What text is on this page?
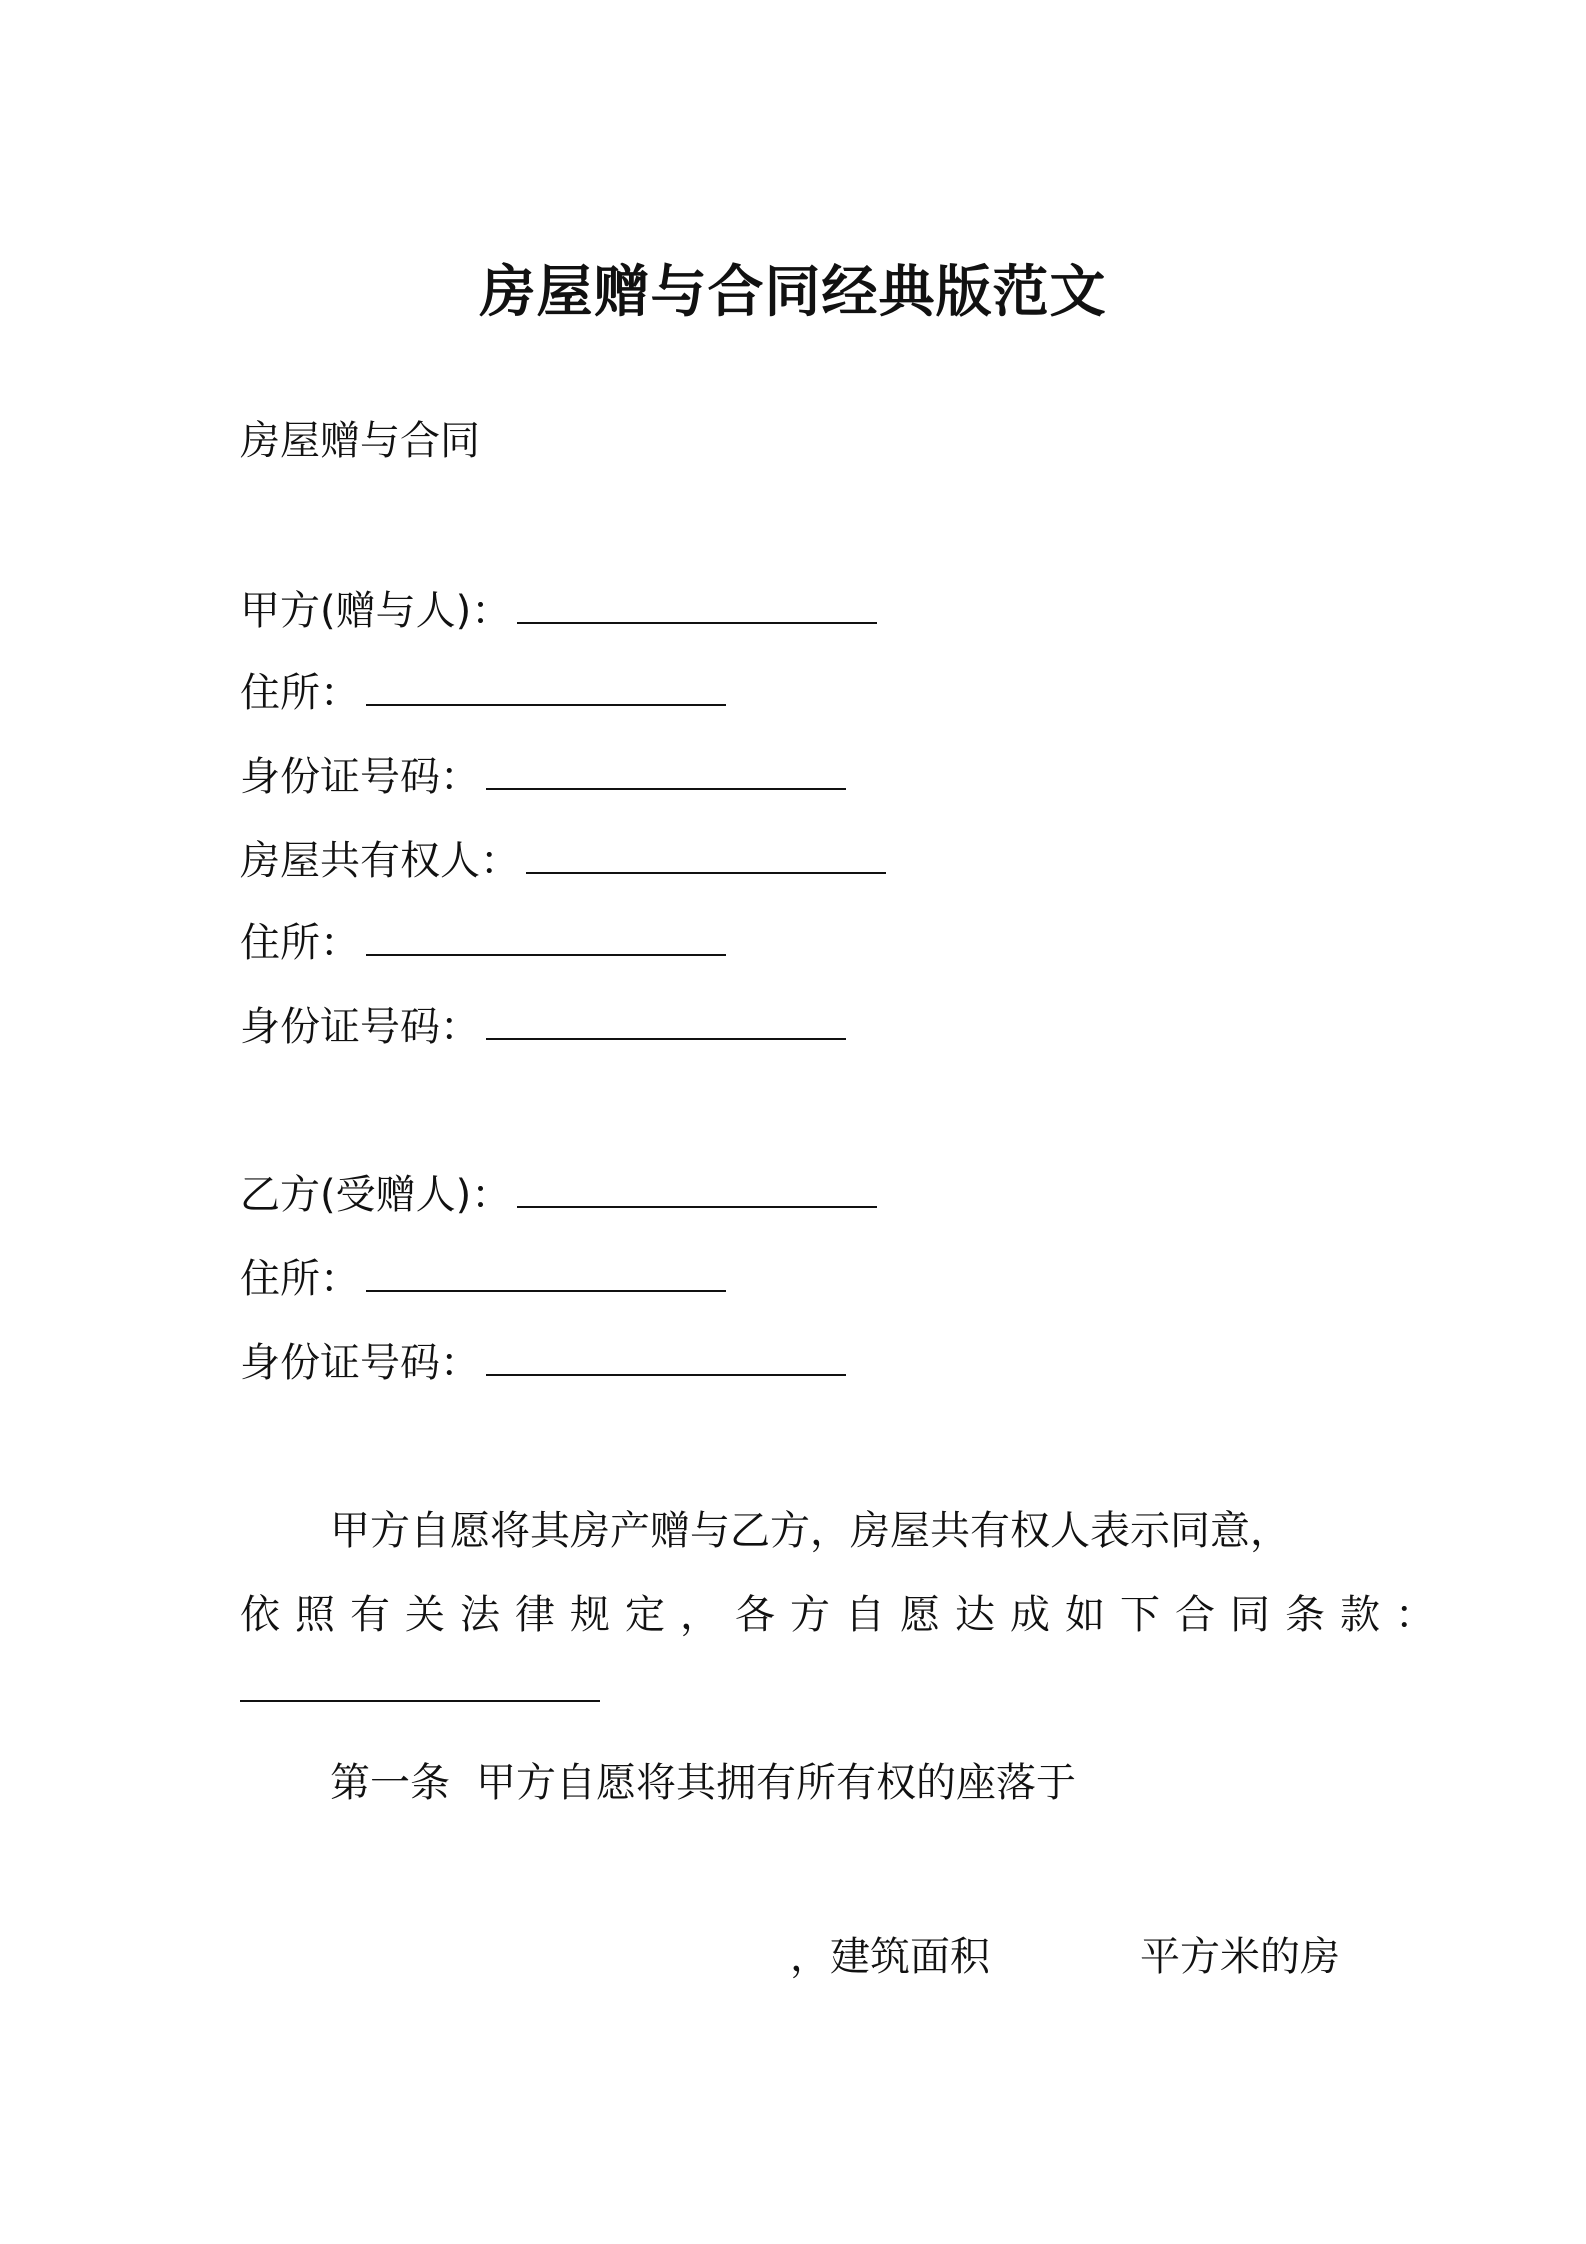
房屋赠与合同经典版范文
房屋赠与合同
甲方(赠与人)：
住所：
身份证号码：
房屋共有权人：
住所：
身份证号码：
乙方(受赠人)：
住所：
身份证号码：
甲方自愿将其房产赠与乙方，房屋共有权人表示同意，
依照有关法律规定，各方自愿达成如下合同条款：
第一条 甲方自愿将其拥有所有权的座落于
，建筑面积	平方米的房
